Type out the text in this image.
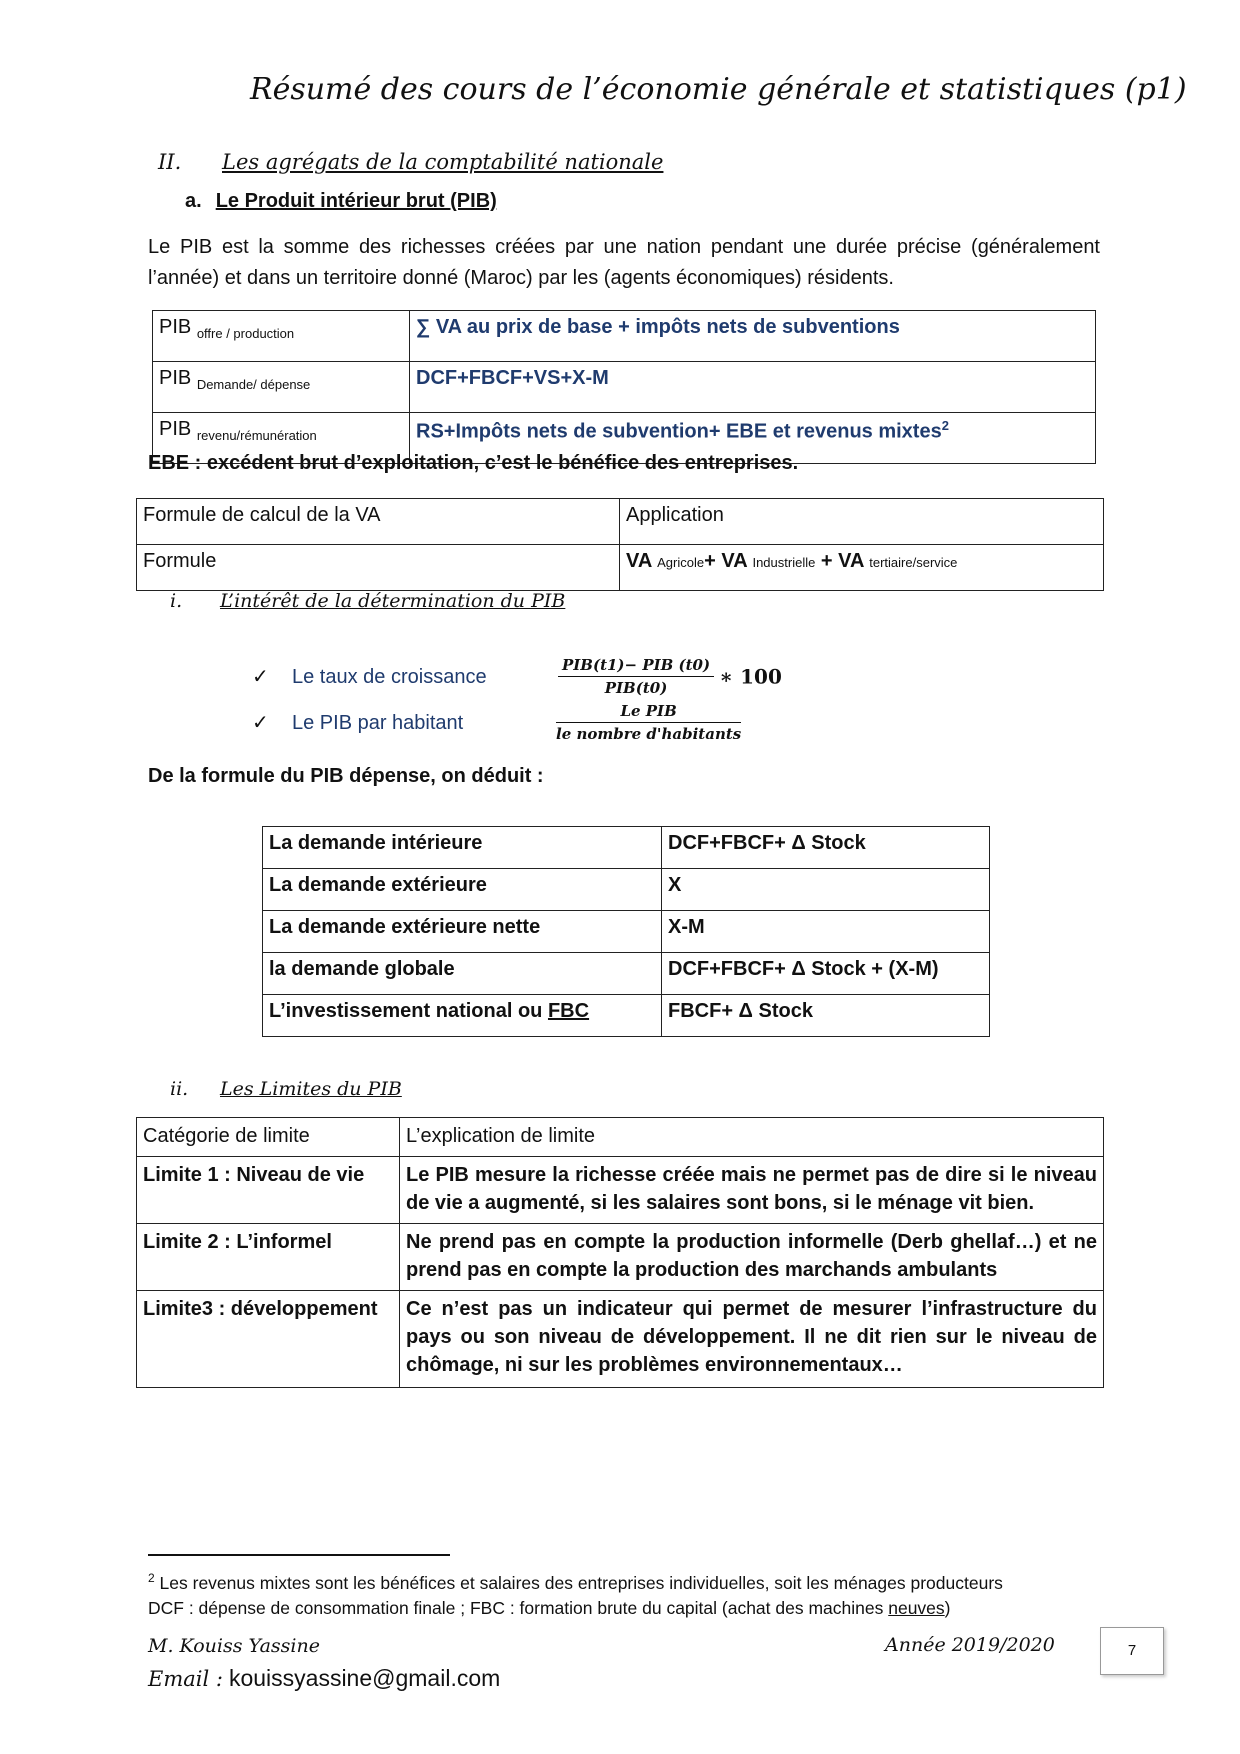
Résumé des cours de l’économie générale et statistiques (p1)
II. Les agrégats de la comptabilité nationale
a. Le Produit intérieur brut (PIB)
Le PIB est la somme des richesses créées par une nation pendant une durée précise (généralement l’année) et dans un territoire donné (Maroc) par les (agents économiques) résidents.
PIB $_{offre / production}$	∑ VA au prix de base + impôts nets de subventions
PIB $_{Demande/ dépense}$	DCF+FBCF+VS+X-M
PIB $_{revenu/rémunération}$	RS+Impôts nets de subvention+ EBE et revenus mixtes$^2$
EBE : excédent brut d’exploitation, c’est le bénéfice des entreprises.
Formule de calcul de la VA	Application
Formule	VA Agricole+ VA Industrielle + VA tertiaire/service
i. L’intérêt de la détermination du PIB
✓ Le taux de croissance	$\frac{\text{PIB(t1)− PIB (t0)}}{\text{PIB(t0)}}$ ∗ 100
✓ Le PIB par habitant
Le PIB
le nombre d'habitants
De la formule du PIB dépense, on déduit :
La demande intérieure	DCF+FBCF+ Δ Stock
La demande extérieure	X
La demande extérieure nette	X-M
la demande globale	DCF+FBCF+ Δ Stock + (X-M)
L’investissement national ou FBC	FBCF+ Δ Stock
ii. Les Limites du PIB
Catégorie de limite	L’explication de limite
Limite 1 : Niveau de vie	Le PIB mesure la richesse créée mais ne permet pas de dire si le niveau de vie a augmenté, si les salaires sont bons, si le ménage vit bien.
Limite 2 : L’informel	Ne prend pas en compte la production informelle (Derb ghellaf…) et ne prend pas en compte la production des marchands ambulants
Limite3 : développement	Ce n’est pas un indicateur qui permet de mesurer l’infrastructure du pays ou son niveau de développement. Il ne dit rien sur le niveau de chômage, ni sur les problèmes environnementaux…
$^2$ Les revenus mixtes sont les bénéfices et salaires des entreprises individuelles, soit les ménages producteurs
DCF : dépense de consommation finale ; FBC : formation brute du capital (achat des machines neuves)
M. Kouiss Yassine	Année 2019/2020
Email : kouissyassine@gmail.com
7
